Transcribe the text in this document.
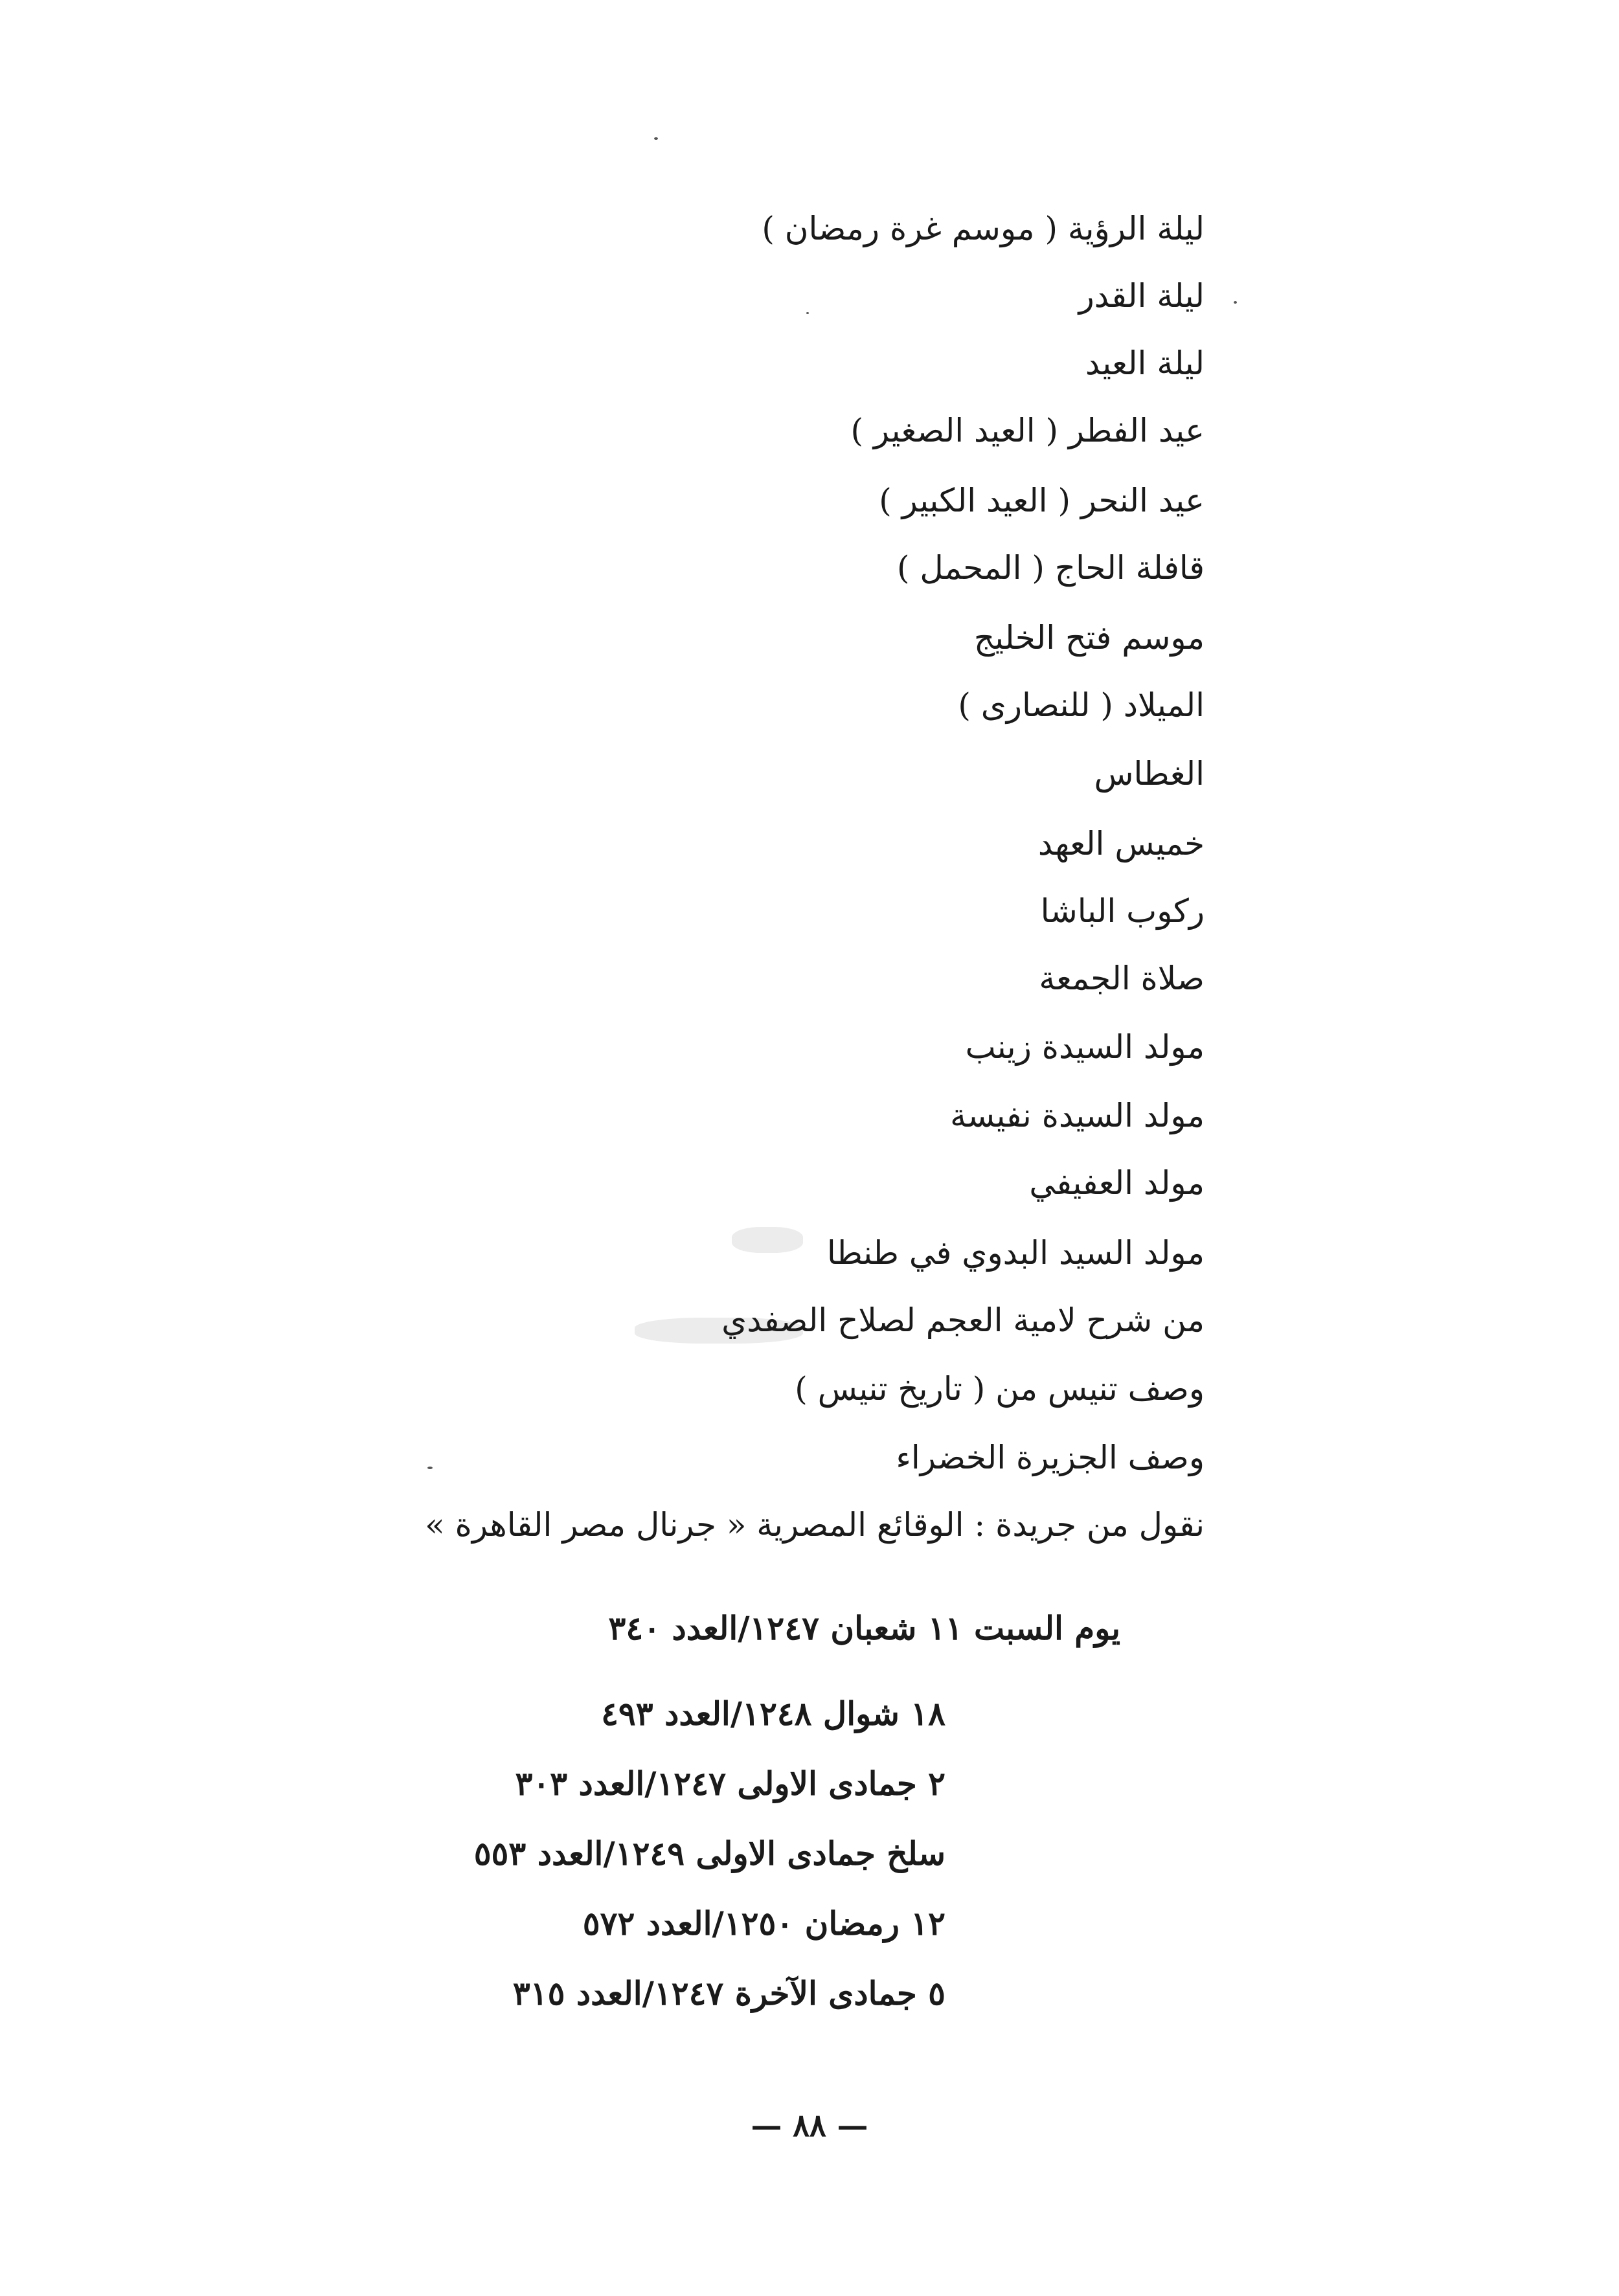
ليلة الرؤية ( موسم غرة رمضان )
ليلة القدر
ليلة العيد
عيد الفطر ( العيد الصغير )
عيد النحر ( العيد الكبير )
قافلة الحاج ( المحمل )
موسم فتح الخليج
الميلاد ( للنصارى )
الغطاس
خميس العهد
ركوب الباشا
صلاة الجمعة
مولد السيدة زينب
مولد السيدة نفيسة
مولد العفيفي
مولد السيد البدوي في طنطا
من شرح لامية العجم لصلاح الصفدي
وصف تنيس من ( تاريخ تنيس )
وصف الجزيرة الخضراء
نقول من جريدة : الوقائع المصرية « جرنال مصر القاهرة »
يوم السبت ١١ شعبان ١٢٤٧/العدد ٣٤٠
١٨ شوال ١٢٤٨/العدد ٤٩٣
٢ جمادى الاولى ١٢٤٧/العدد ٣٠٣
سلخ جمادى الاولى ١٢٤٩/العدد ٥٥٣
١٢ رمضان ١٢٥٠/العدد ٥٧٢
٥ جمادى الآخرة ١٢٤٧/العدد ٣١٥
— ٨٨ —
